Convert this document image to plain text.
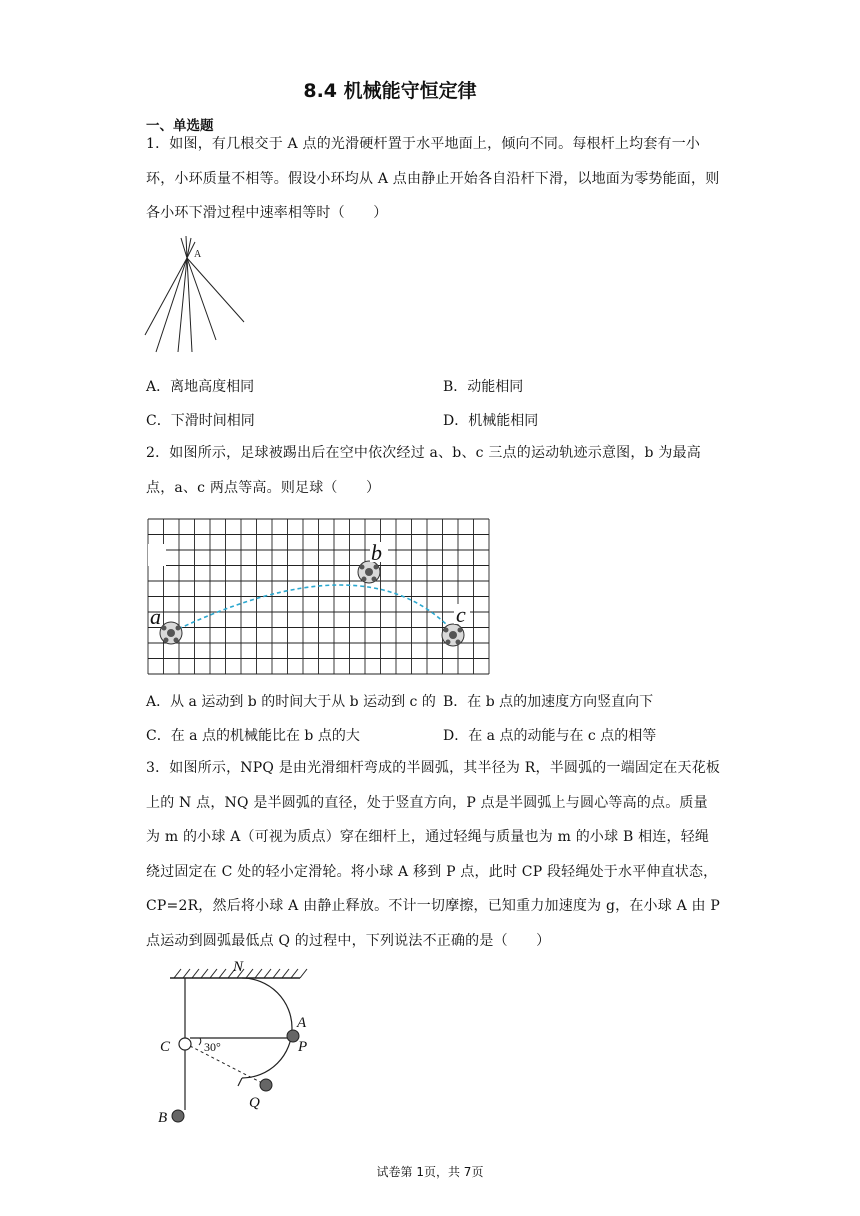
8.4 机械能守恒定律
一、单选题
1．如图，有几根交于 A 点的光滑硬杆置于水平地面上，倾向不同。每根杆上均套有一小环，小环质量不相等。假设小环均从 A 点由静止开始各自沿杆下滑，以地面为零势能面，则各小环下滑过程中速率相等时（　　）
A
A．离地高度相同	B．动能相同
C．下滑时间相同	D．机械能相同
2．如图所示，足球被踢出后在空中依次经过 a、b、c 三点的运动轨迹示意图，b 为最高点，a、c 两点等高。则足球（　　）
a
b
c
A．从 a 运动到 b 的时间大于从 b 运动到 c 的 B．在 b 点的加速度方向竖直向下
C．在 a 点的机械能比在 b 点的大	D．在 a 点的动能与在 c 点的相等
3．如图所示，NPQ 是由光滑细杆弯成的半圆弧，其半径为 R，半圆弧的一端固定在天花板上的 N 点，NQ 是半圆弧的直径，处于竖直方向，P 点是半圆弧上与圆心等高的点。质量为 m 的小球 A（可视为质点）穿在细杆上，通过轻绳与质量也为 m 的小球 B 相连，轻绳绕过固定在 C 处的轻小定滑轮。将小球 A 移到 P 点，此时 CP 段轻绳处于水平伸直状态，CP=2R，然后将小球 A 由静止释放。不计一切摩擦，已知重力加速度为 g，在小球 A 由 P 点运动到圆弧最低点 Q 的过程中，下列说法不正确的是（　　）
N
A
P
C
Q
B
30°
试卷第 1页，共 7页
